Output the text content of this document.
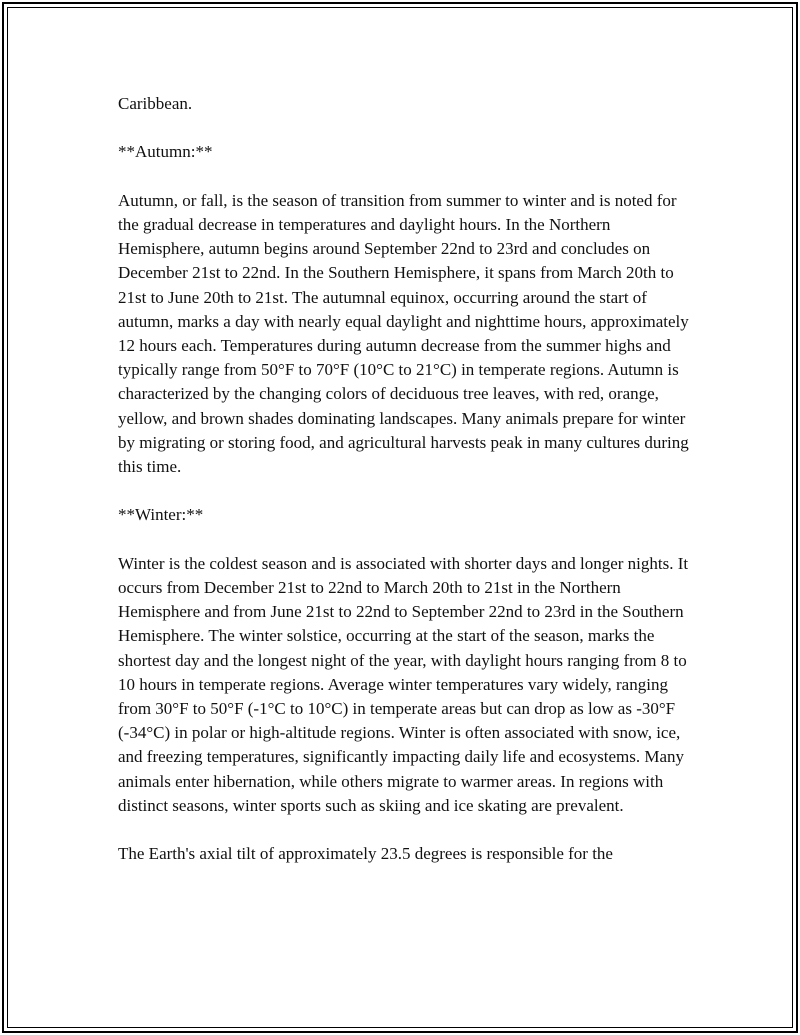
Caribbean.

**Autumn:**

Autumn, or fall, is the season of transition from summer to winter and is noted for the gradual decrease in temperatures and daylight hours. In the Northern Hemisphere, autumn begins around September 22nd to 23rd and concludes on December 21st to 22nd. In the Southern Hemisphere, it spans from March 20th to 21st to June 20th to 21st. The autumnal equinox, occurring around the start of autumn, marks a day with nearly equal daylight and nighttime hours, approximately 12 hours each. Temperatures during autumn decrease from the summer highs and typically range from 50°F to 70°F (10°C to 21°C) in temperate regions. Autumn is characterized by the changing colors of deciduous tree leaves, with red, orange, yellow, and brown shades dominating landscapes. Many animals prepare for winter by migrating or storing food, and agricultural harvests peak in many cultures during this time.

**Winter:**

Winter is the coldest season and is associated with shorter days and longer nights. It occurs from December 21st to 22nd to March 20th to 21st in the Northern Hemisphere and from June 21st to 22nd to September 22nd to 23rd in the Southern Hemisphere. The winter solstice, occurring at the start of the season, marks the shortest day and the longest night of the year, with daylight hours ranging from 8 to 10 hours in temperate regions. Average winter temperatures vary widely, ranging from 30°F to 50°F (-1°C to 10°C) in temperate areas but can drop as low as -30°F (-34°C) in polar or high-altitude regions. Winter is often associated with snow, ice, and freezing temperatures, significantly impacting daily life and ecosystems. Many animals enter hibernation, while others migrate to warmer areas. In regions with distinct seasons, winter sports such as skiing and ice skating are prevalent.

The Earth's axial tilt of approximately 23.5 degrees is responsible for the
